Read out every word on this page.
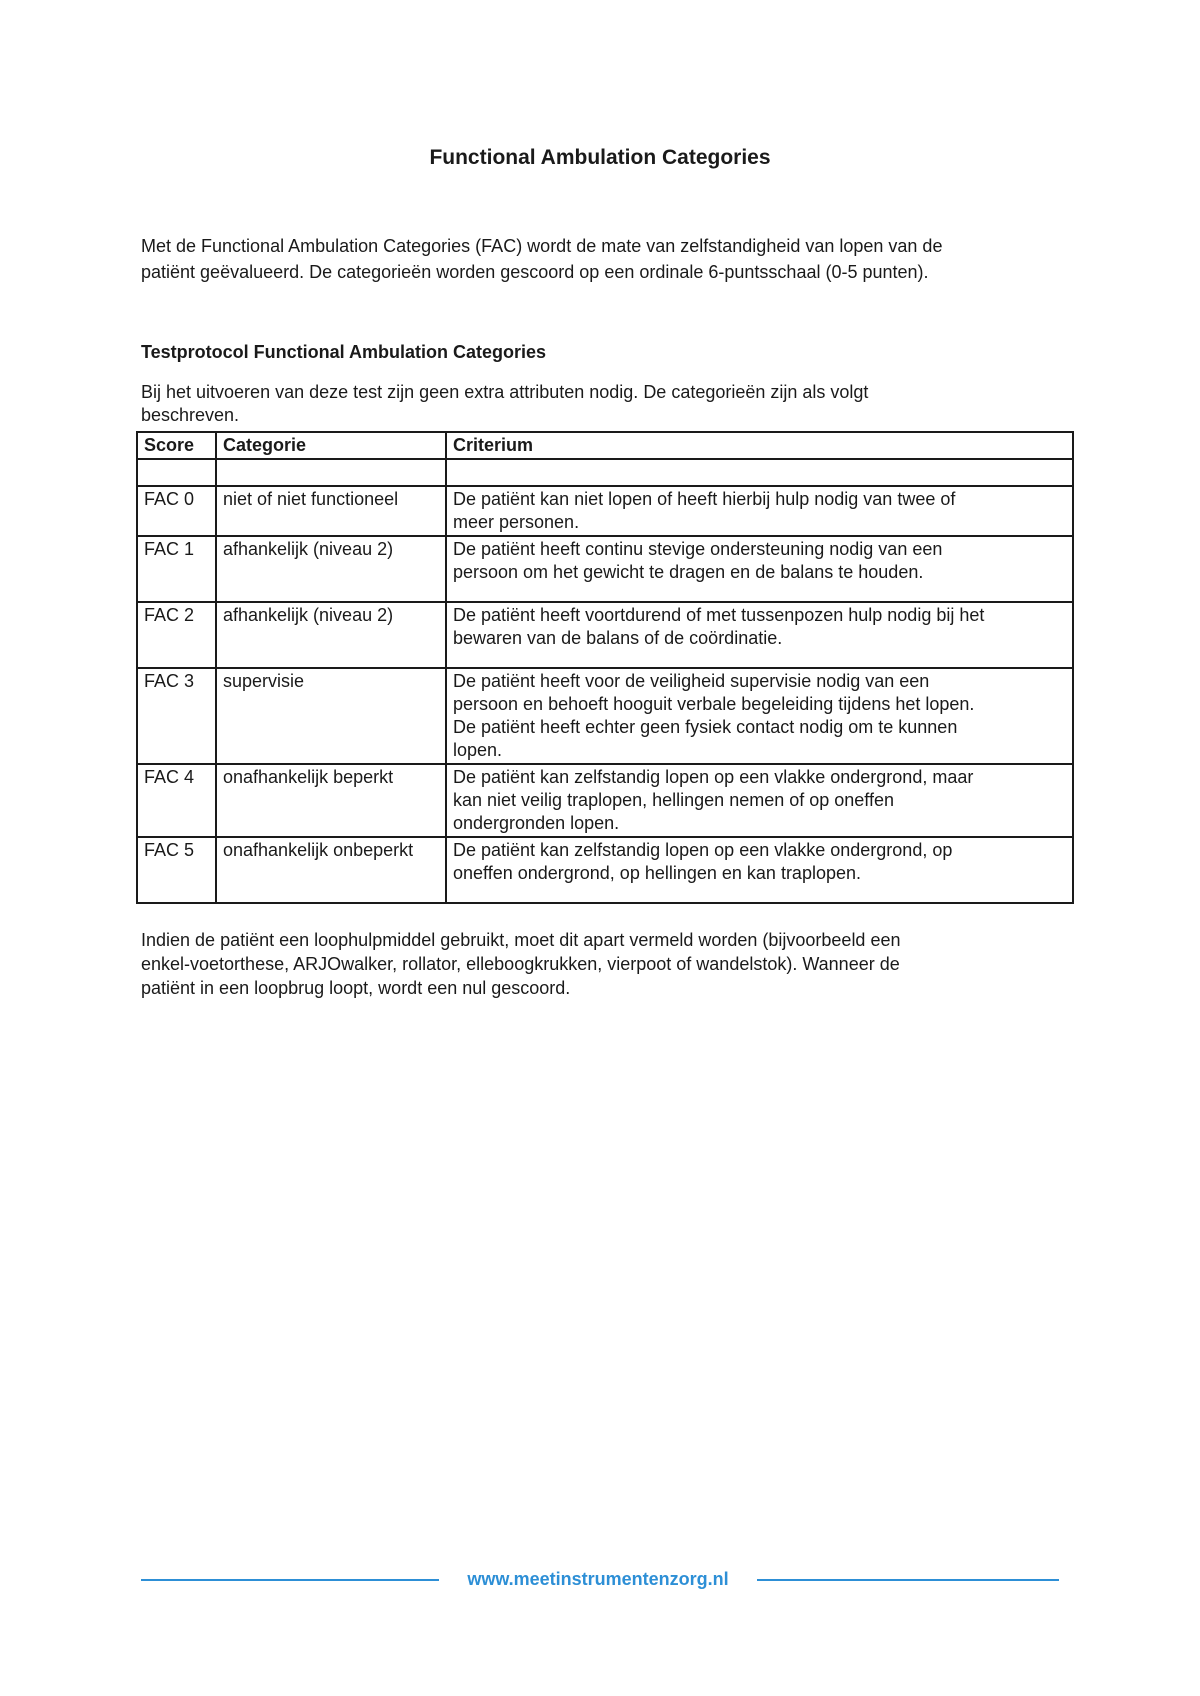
Functional Ambulation Categories
Met de Functional Ambulation Categories (FAC) wordt de mate van zelfstandigheid van lopen van de
patiënt geëvalueerd. De categorieën worden gescoord op een ordinale 6-puntsschaal (0-5 punten).
Testprotocol Functional Ambulation Categories
Bij het uitvoeren van deze test zijn geen extra attributen nodig. De categorieën zijn als volgt
beschreven.
Score	Categorie	Criterium

FAC 0	niet of niet functioneel	De patiënt kan niet lopen of heeft hierbij hulp nodig van twee of
meer personen.

FAC 1	afhankelijk (niveau 2)	De patiënt heeft continu stevige ondersteuning nodig van een
persoon om het gewicht te dragen en de balans te houden.

FAC 2	afhankelijk (niveau 2)	De patiënt heeft voortdurend of met tussenpozen hulp nodig bij het
bewaren van de balans of de coördinatie.

FAC 3	supervisie	De patiënt heeft voor de veiligheid supervisie nodig van een
persoon en behoeft hooguit verbale begeleiding tijdens het lopen.
De patiënt heeft echter geen fysiek contact nodig om te kunnen
lopen.

FAC 4	onafhankelijk beperkt	De patiënt kan zelfstandig lopen op een vlakke ondergrond, maar
kan niet veilig traplopen, hellingen nemen of op oneffen
ondergronden lopen.

FAC 5	onafhankelijk onbeperkt	De patiënt kan zelfstandig lopen op een vlakke ondergrond, op
oneffen ondergrond, op hellingen en kan traplopen.
Indien de patiënt een loophulpmiddel gebruikt, moet dit apart vermeld worden (bijvoorbeeld een
enkel-voetorthese, ARJOwalker, rollator, elleboogkrukken, vierpoot of wandelstok). Wanneer de
patiënt in een loopbrug loopt, wordt een nul gescoord.
www.meetinstrumentenzorg.nl
